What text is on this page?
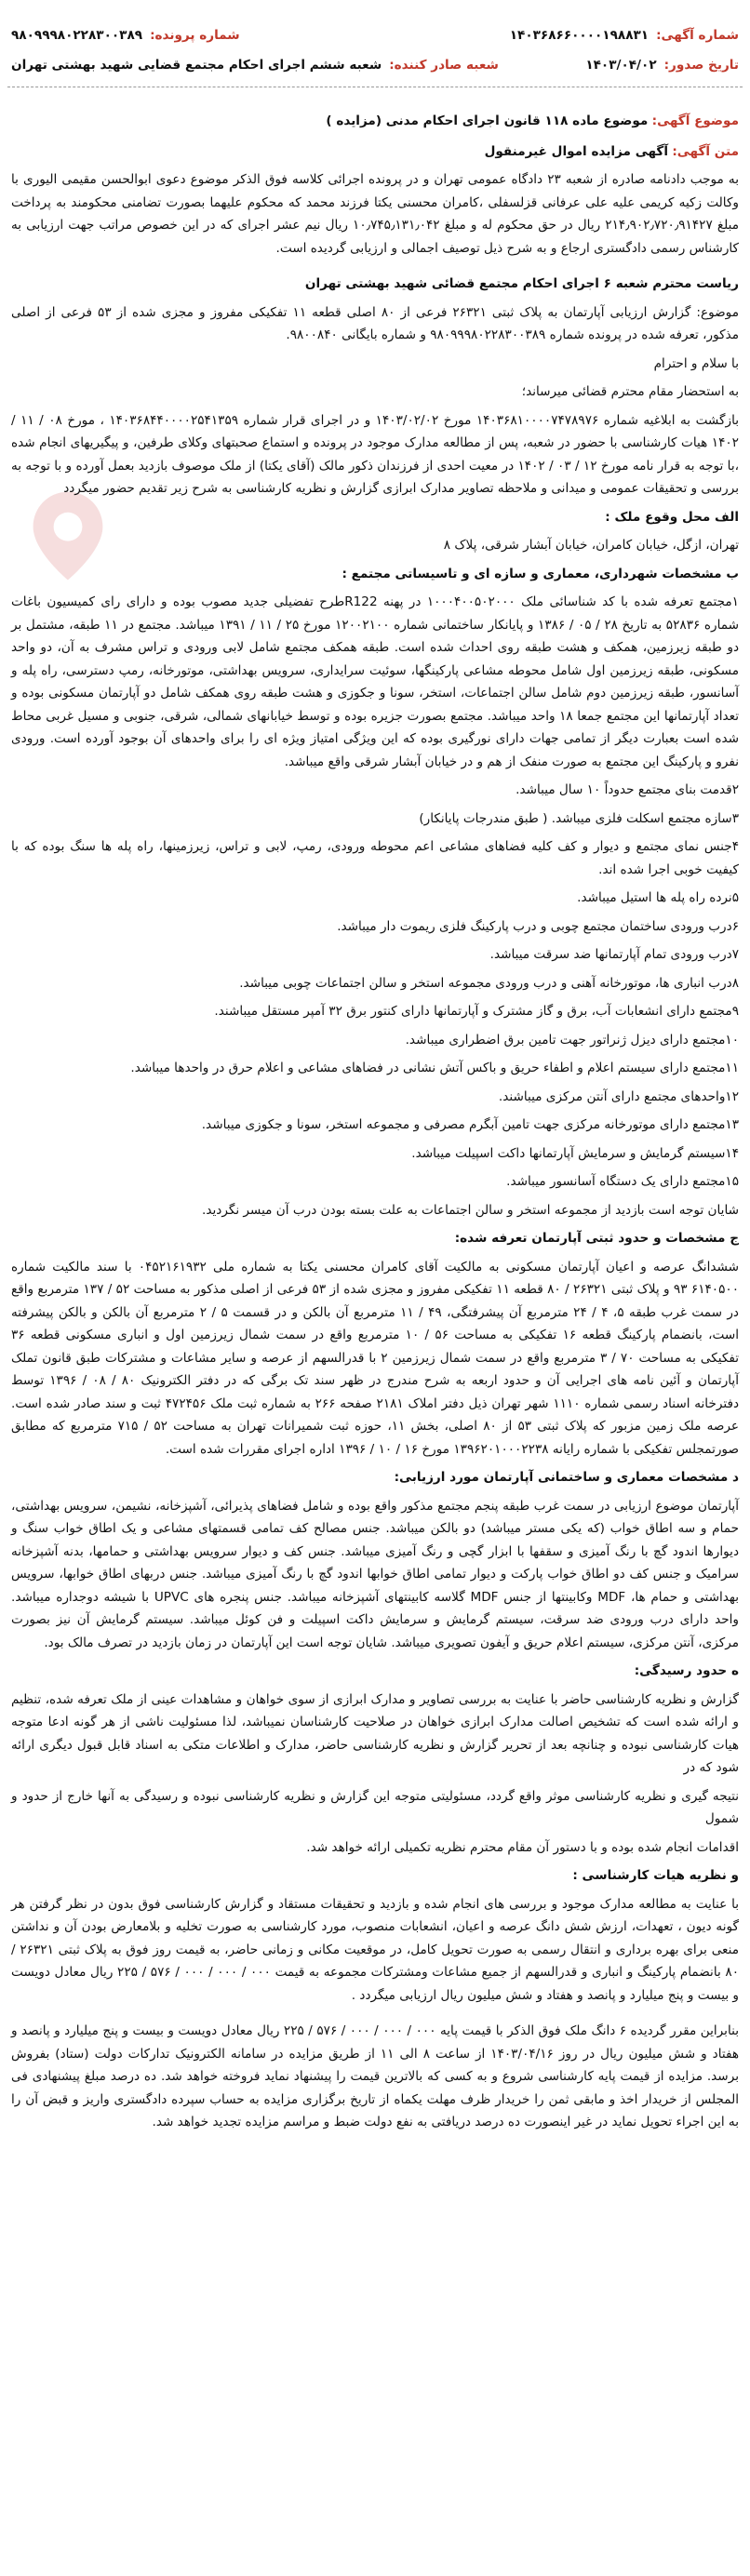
شماره آگهی:
۱۴۰۳۶۸۶۶۰۰۰۰۱۹۸۸۳۱
شماره پرونده:
۹۸۰۹۹۹۸۰۲۲۸۳۰۰۳۸۹
تاریخ صدور:
۱۴۰۳/۰۴/۰۲
شعبه صادر کننده:
شعبه ششم اجرای احکام مجتمع قضایی شهید بهشتی تهران
موضوع آگهی: موضوع ماده ۱۱۸ قانون اجرای احکام مدنی (مزایده )
متن آگهی: آگهی مزایده اموال غیرمنقول

به موجب دادنامه صادره از شعبه ۲۳ دادگاه عمومی تهران و در پرونده اجرائی کلاسه فوق الذکر موضوع دعوی ابوالحسن مقیمی الیوری با وکالت زکیه کریمی علیه علی عرفانی قزلسفلی ،کامران محسنی یکتا فرزند محمد که محکوم علیهما بصورت تضامنی محکومند به پرداخت مبلغ ۲۱۴٫۹۰۲٫۷۲۰٫۹۱۴۲۷ ریال در حق محکوم له و مبلغ ۱۰٫۷۴۵٫۱۳۱٫۰۴۲ ریال نیم عشر اجرای که در این خصوص مراتب جهت ارزیابی به کارشناس رسمی دادگستری ارجاع و به شرح ذیل توصیف اجمالی و ارزیابی گردیده است.

ریاست محترم شعبه ۶ اجرای احکام مجتمع قضائی شهید بهشتی تهران

موضوع: گزارش ارزیابی آپارتمان به پلاک ثبتی ۲۶۳۲۱ فرعی از ۸۰ اصلی قطعه ۱۱ تفکیکی مفروز و مجزی شده از ۵۳ فرعی از اصلی مذکور، تعرفه شده در پرونده شماره ۹۸۰۹۹۹۸۰۲۲۸۳۰۰۳۸۹ و شماره بایگانی ۹۸۰۰۸۴۰.

با سلام و احترام

به استحضار مقام محترم قضائی میرساند؛

بازگشت به ابلاغیه شماره ۱۴۰۳۶۸۱۰۰۰۰۷۴۷۸۹۷۶ مورخ ۱۴۰۳/۰۲/۰۲ و در اجرای قرار شماره ۱۴۰۳۶۸۴۴۰۰۰۰۲۵۴۱۳۵۹ ، مورخ ۰۸ / ۱۱ / ۱۴۰۲ هیات کارشناسی با حضور در شعبه، پس از مطالعه مدارک موجود در پرونده و استماع صحبتهای وکلای طرفین، و پیگیریهای انجام شده ،با توجه به قرار نامه مورخ ۱۲ / ۰۳ / ۱۴۰۲ در معیت احدی از فرزندان ذکور مالک (آقای یکتا) از ملک موصوف بازدید بعمل آورده و با توجه به بررسی و تحقیقات عمومی و میدانی و ملاحظه تصاویر مدارک ابرازی گزارش و نظریه کارشناسی به شرح زیر تقدیم حضور میگردد

الف محل وقوع ملک :

تهران، ازگل، خیابان کامران، خیابان آبشار شرقی، پلاک ۸

ب مشخصات شهرداری، معماری و سازه ای و تاسیساتی مجتمع :

۱مجتمع تعرفه شده با کد شناسائی ملک ۱۰۰۰۴۰۰۵۰۲۰۰۰ در پهنه R122طرح تفضیلی جدید مصوب بوده و دارای رای کمیسیون باغات شماره ۵۲۸۳۶ به تاریخ ۲۸ / ۰۵ / ۱۳۸۶ و پایانکار ساختمانی شماره ۱۲۰۰۲۱۰۰ مورخ ۲۵ / ۱۱ / ۱۳۹۱ میباشد. مجتمع در ۱۱ طبقه، مشتمل بر دو طبقه زیرزمین، همکف و هشت طبقه روی احداث شده است. طبقه همکف مجتمع شامل لابی ورودی و تراس مشرف به آن، دو واحد مسکونی، طبقه زیرزمین اول شامل محوطه مشاعی پارکینگها، سوئیت سرایداری، سرویس بهداشتی، موتورخانه، رمپ دسترسی، راه پله و آسانسور، طبقه زیرزمین دوم شامل سالن اجتماعات، استخر، سونا و جکوزی و هشت طبقه روی همکف شامل دو آپارتمان مسکونی بوده و تعداد آپارتمانها این مجتمع جمعا ۱۸ واحد میباشد. مجتمع بصورت جزیره بوده و توسط خیابانهای شمالی، شرقی، جنوبی و مسیل غربی محاط شده است بعبارت دیگر از تمامی جهات دارای نورگیری بوده که این ویژگی امتیاز ویژه ای را برای واحدهای آن بوجود آورده است. ورودی نفرو و پارکینگ این مجتمع به صورت منفک از هم و در خیابان آبشار شرقی واقع میباشد.

۲قدمت بنای مجتمع حدوداً ۱۰ سال میباشد.

۳سازه مجتمع اسکلت فلزی میباشد. ( طبق مندرجات پایانکار)

۴جنس نمای مجتمع و دیوار و کف کلیه فضاهای مشاعی اعم محوطه ورودی، رمپ، لابی و تراس، زیرزمینها، راه پله ها سنگ بوده که با کیفیت خوبی اجرا شده اند.

۵نرده راه پله ها استیل میباشد.

۶درب ورودی ساختمان مجتمع چوبی و درب پارکینگ فلزی ریموت دار میباشد.

۷درب ورودی تمام آپارتمانها ضد سرقت میباشد.

۸درب انباری ها، موتورخانه آهنی و درب ورودی مجموعه استخر و سالن اجتماعات چوبی میباشد.

۹مجتمع دارای انشعابات آب، برق و گاز مشترک و آپارتمانها دارای کنتور برق ۳۲ آمپر مستقل میباشند.

۱۰مجتمع دارای دیزل ژنراتور جهت تامین برق اضطراری میباشد.

۱۱مجتمع دارای سیستم اعلام و اطفاء حریق و باکس آتش نشانی در فضاهای مشاعی و اعلام حرق در واحدها میباشد.

۱۲واحدهای مجتمع دارای آنتن مرکزی میباشند.

۱۳مجتمع دارای موتورخانه مرکزی جهت تامین آبگرم مصرفی و مجموعه استخر، سونا و جکوزی میباشد.

۱۴سیستم گرمایش و سرمایش آپارتمانها داکت اسپیلت میباشد.

۱۵مجتمع دارای یک دستگاه آسانسور میباشد.

شایان توجه است بازدید از مجموعه استخر و سالن اجتماعات به علت بسته بودن درب آن میسر نگردید.

ج مشخصات و حدود ثبتی آپارتمان تعرفه شده:

ششدانگ عرصه و اعیان آپارتمان مسکونی به مالکیت آقای کامران محسنی یکتا به شماره ملی ۰۴۵۲۱۶۱۹۳۲ با سند مالکیت شماره ۶۱۴۰۵۰۰ ۹۳ و پلاک ثبتی ۲۶۳۲۱ / ۸۰ قطعه ۱۱ تفکیکی مفروز و مجزی شده از ۵۳ فرعی از اصلی مذکور به مساحت ۵۲ / ۱۳۷ مترمربع واقع در سمت غرب طبقه ۵، ۴ / ۲۴ مترمربع آن پیشرفتگی، ۴۹ / ۱۱ مترمربع آن بالکن و در قسمت ۵ / ۲ مترمربع آن بالکن و بالکن پیشرفته است، بانضمام پارکینگ قطعه ۱۶ تفکیکی به مساحت ۵۶ / ۱۰ مترمربع واقع در سمت شمال زیرزمین اول و انباری مسکونی قطعه ۳۶ تفکیکی به مساحت ۷۰ / ۳ مترمربع واقع در سمت شمال زیرزمین ۲ با قدرالسهم از عرصه و سایر مشاعات و مشترکات طبق قانون تملک آپارتمان و آئین نامه های اجرایی آن و حدود اربعه به شرح مندرج در ظهر سند تک برگی که در دفتر الکترونیک ۸۰ / ۰۸ / ۱۳۹۶ توسط دفترخانه اسناد رسمی شماره ۱۱۱۰ شهر تهران ذیل دفتر املاک ۲۱۸۱ صفحه ۲۶۶ به شماره ثبت ملک ۴۷۲۴۵۶ ثبت و سند صادر شده است. عرصه ملک زمین مزبور که پلاک ثبتی ۵۳ از ۸۰ اصلی، بخش ۱۱، حوزه ثبت شمیرانات تهران به مساحت ۵۲ / ۷۱۵ مترمربع که مطابق صورتمجلس تفکیکی با شماره رایانه ۱۳۹۶۲۰۱۰۰۰۲۲۳۸ مورخ ۱۶ / ۱۰ / ۱۳۹۶ اداره اجرای مقررات شده است.

د مشخصات معماری و ساختمانی آپارتمان مورد ارزیابی:

آپارتمان موضوع ارزیابی در سمت غرب طبقه پنجم مجتمع مذکور واقع بوده و شامل فضاهای پذیرائی، آشپزخانه، نشیمن، سرویس بهداشتی، حمام و سه اطاق خواب (که یکی مستر میباشد) دو بالکن میباشد. جنس مصالح کف تمامی قسمتهای مشاعی و یک اطاق خواب سنگ و دیوارها اندود گچ با رنگ آمیزی و سقفها با ابزار گچی و رنگ آمیزی میباشد. جنس کف و دیوار سرویس بهداشتی و حمامها، بدنه آشپزخانه سرامیک و جنس کف دو اطاق خواب پارکت و دیوار تمامی اطاق خوابها اندود گچ با رنگ آمیزی میباشد. جنس دربهای اطاق خوابها، سرویس بهداشتی و حمام ها، MDF وکابینتها از جنس MDF گلاسه کابینتهای آشپزخانه میباشد. جنس پنجره های UPVC با شیشه دوجداره میباشد. واحد دارای درب ورودی ضد سرقت، سیستم گرمایش و سرمایش داکت اسپیلت و فن کوئل میباشد. سیستم گرمایش آن نیز بصورت مرکزی، آنتن مرکزی، سیستم اعلام حریق و آیفون تصویری میباشد. شایان توجه است این آپارتمان در زمان بازدید در تصرف مالک بود.

ه حدود رسیدگی:

گزارش و نظریه کارشناسی حاضر با عنایت به بررسی تصاویر و مدارک ابرازی از سوی خواهان و مشاهدات عینی از ملک تعرفه شده، تنظیم و ارائه شده است که تشخیص اصالت مدارک ابرازی خواهان در صلاحیت کارشناسان نمیباشد، لذا مسئولیت ناشی از هر گونه ادعا متوجه هیات کارشناسی نبوده و چنانچه بعد از تحریر گزارش و نظریه کارشناسی حاضر، مدارک و اطلاعات متکی به اسناد قابل قبول دیگری ارائه شود که در

نتیجه گیری و نظریه کارشناسی موثر واقع گردد، مسئولیتی متوجه این گزارش و نظریه کارشناسی نبوده و رسیدگی به آنها خارج از حدود و شمول

اقدامات انجام شده بوده و با دستور آن مقام محترم نظریه تکمیلی ارائه خواهد شد.

و نظریه هیات کارشناسی :

با عنایت به مطالعه مدارک موجود و بررسی های انجام شده و بازدید و تحقیقات مستقاد و گزارش کارشناسی فوق بدون در نظر گرفتن هر گونه دیون ، تعهدات، ارزش شش دانگ عرصه و اعیان، انشعابات منصوب، مورد کارشناسی به صورت تخلیه و بلامعارض بودن آن و نداشتن منعی برای بهره برداری و انتقال رسمی به صورت تحویل کامل، در موقعیت مکانی و زمانی حاضر، به قیمت روز فوق به پلاک ثبتی ۲۶۳۲۱ / ۸۰ بانضمام پارکینگ و انباری و قدرالسهم از جمیع مشاعات ومشترکات مجموعه به قیمت ۰۰۰ / ۰۰۰ / ۰۰۰ / ۵۷۶ / ۲۲۵ ریال معادل دویست و بیست و پنج میلیارد و پانصد و هفتاد و شش میلیون ریال ارزیابی میگردد .

بنابراین مقرر گردیده ۶ دانگ ملک فوق الذکر با قیمت پایه ۰۰۰ / ۰۰۰ / ۰۰۰ / ۵۷۶ / ۲۲۵ ریال معادل دویست و بیست و پنج میلیارد و پانصد و هفتاد و شش میلیون ریال در روز ۱۴۰۳/۰۴/۱۶ از ساعت ۸ الی ۱۱ از طریق مزایده در سامانه الکترونیک تدارکات دولت (ستاد) بفروش برسد. مزایده از قیمت پایه کارشناسی شروع و به کسی که بالاترین قیمت را پیشنهاد نماید فروخته خواهد شد. ده درصد مبلغ پیشنهادی فی المجلس از خریدار اخذ و مابقی ثمن را خریدار ظرف مهلت یکماه از تاریخ برگزاری مزایده به حساب سپرده دادگستری واریز و قبض آن را به این اجراء تحویل نماید در غیر اینصورت ده درصد دریافتی به نفع دولت ضبط و مراسم مزایده تجدید خواهد شد.
